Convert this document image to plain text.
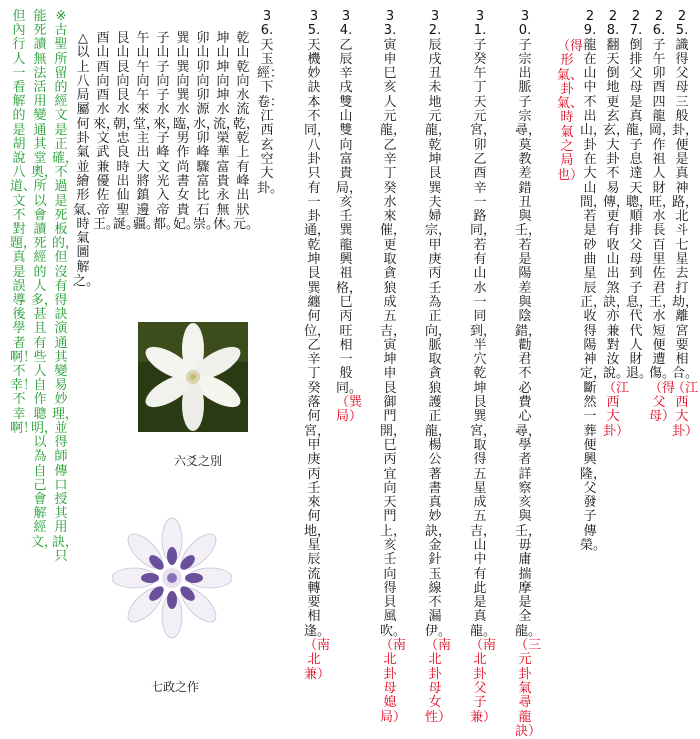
25.識得父母三般卦，便是真神路，北斗七星去打劫，離宮要相合。 （江西大卦）
26.子午卯酉四龍岡，作祖人財旺，水長百里佐君王，水短便遭傷。 （得父母）
27.倒排父母是真龍，子息達天聰，順排父母到子息，代代人財退。
28.翻天倒地更玄玄，大卦不易傳，更有收山出煞訣，亦兼對汝說。 （江西大卦）
29.龍在山中不出山，卦在大山間，若是砂曲星辰正，收得陽神定，斷然一葬便興隆，父發子傳榮。
（得形氣、卦氣、時氣之局也）
30.子宗出脈子宗尋，莫教差錯丑與壬，若是陽差與陰錯，勸君不必費心尋，學者詳察亥與壬，毋庸揣摩是全龍。 （三元卦氣尋龍訣）
31.子癸午丁天元宮，卯乙酉辛一路同，若有山水一同到，半穴乾坤艮巽宮，取得五星成五吉，山中有此是真龍。 （南北卦父子兼）
32.辰戌丑未地元龍，乾坤艮巽夫婦宗，甲庚丙壬為正向，脈取貪狼護正龍，楊公著書真妙訣，金針玉線不漏伊。 （南北卦母女性）
33.寅申巳亥人元龍，乙辛丁癸水來催，更取貪狼成五吉，寅坤申艮御門開，巳丙宜向天門上，亥壬向得貝風吹。 （南北卦母媳局）
34.乙辰辛戌雙山雙向富貴局，亥壬巽龍興祖格，巳丙旺相一般同。 （巽局）
35.天機妙訣本不同，八卦只有一卦通，乾坤艮巽纏何位，乙辛丁癸落何宮，甲庚丙壬來何地，星辰流轉要相逢。 （南北兼）
36.天玉經：下卷：江西玄空大卦。
乾山乾向水流乾，乾上有峰出狀元。
坤山坤向坤水流，榮華富貴永無休。
卯山卯向卯源水，卯峰驟富比石崇。
巽山巽向巽水臨，男作尚書女貴妃。
子山子向子水來，子峰文光入帝都。
午山午向午來堂，主出大將鎮邊疆。
艮山艮向艮水朝，忠良時出仙聖誕。
酉山酉向酉水來，文武兼優佐帝王。
△以上八局屬何卦氣並繪形氣、時氣圖解之。
※古聖所留的經文是正確，不過是死板的，但沒有得訣演通其變易妙理，並得師傳口授其用訣，只
能死讀無法活用變通其堂奧，所以會讀死經的人多，甚且有些人自作聰明，以為自己會解經文，
但內行人一看解的是胡說八道、文不對題，真是誤導後學者啊！不幸！不幸啊！
六爻之別
七政之作
